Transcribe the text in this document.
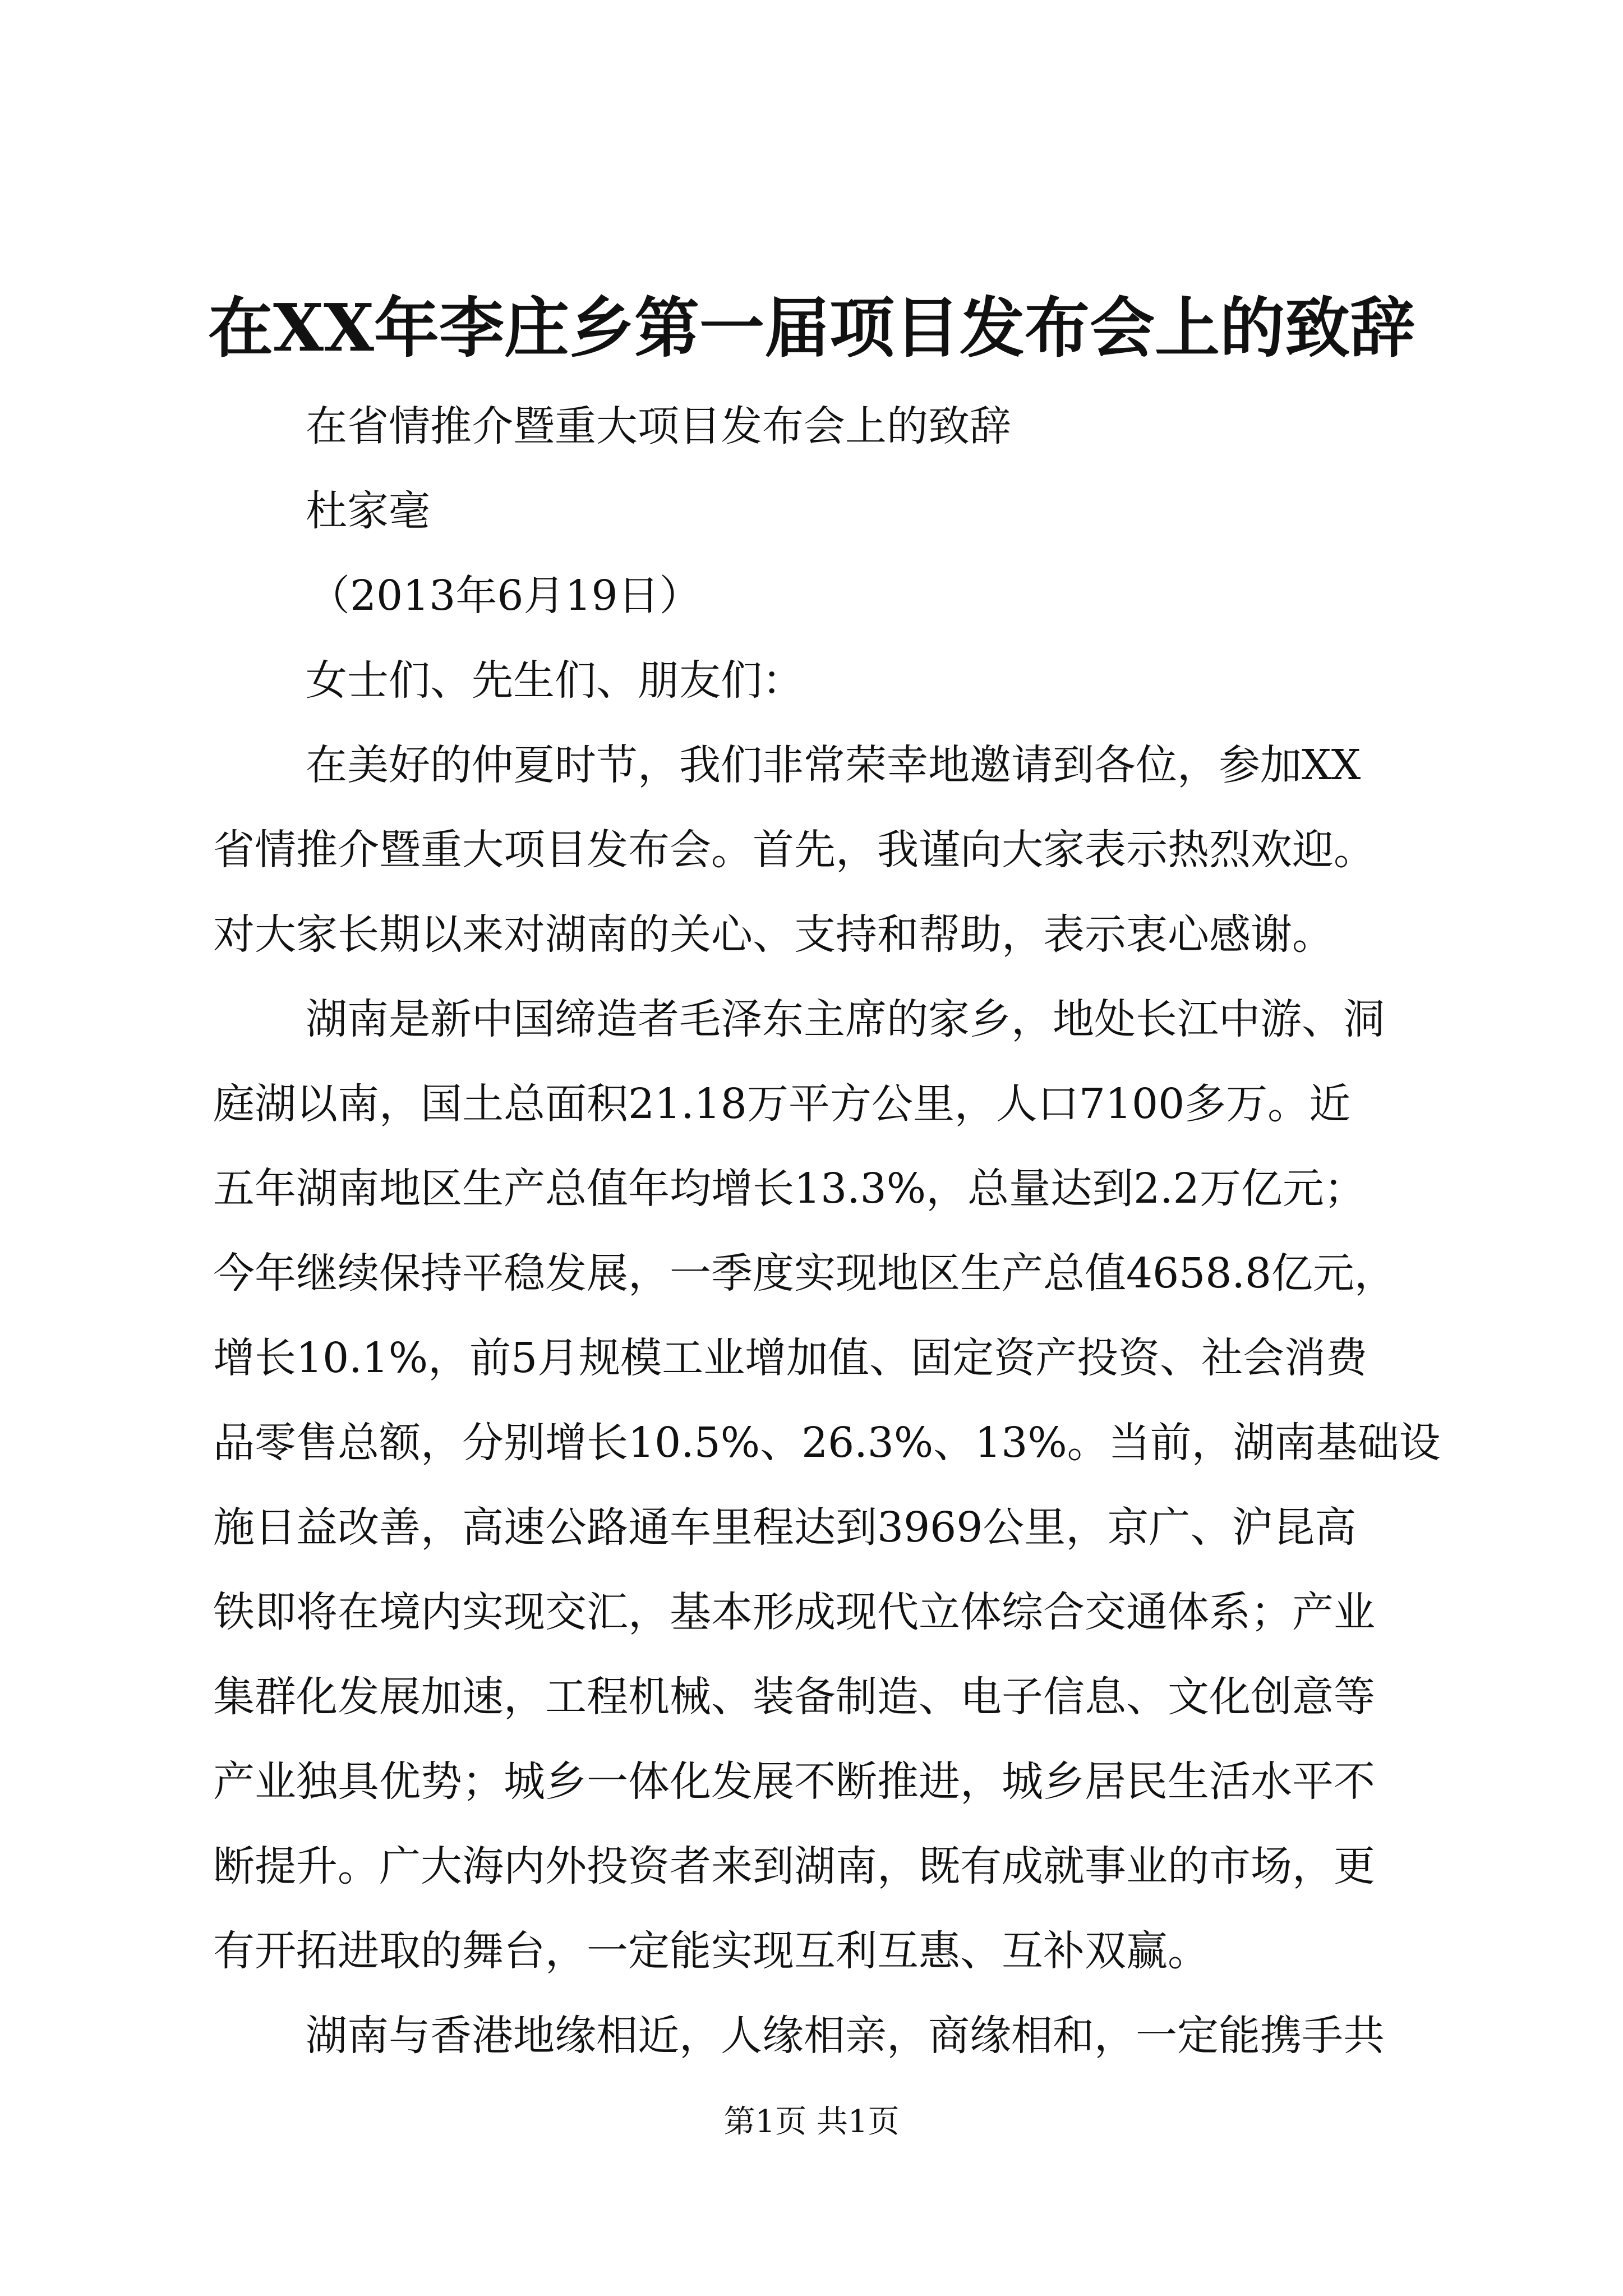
在XX年李庄乡第一届项目发布会上的致辞
在省情推介暨重大项目发布会上的致辞
杜家毫
（2013年6月19日）
女士们、先生们、朋友们：
在美好的仲夏时节，我们非常荣幸地邀请到各位，参加XX
省情推介暨重大项目发布会。首先，我谨向大家表示热烈欢迎。
对大家长期以来对湖南的关心、支持和帮助，表示衷心感谢。
湖南是新中国缔造者毛泽东主席的家乡，地处长江中游、洞
庭湖以南，国土总面积21.18万平方公里，人口7100多万。近
五年湖南地区生产总值年均增长13.3%，总量达到2.2万亿元；
今年继续保持平稳发展，一季度实现地区生产总值4658.8亿元，
增长10.1%，前5月规模工业增加值、固定资产投资、社会消费
品零售总额，分别增长10.5%、26.3%、13%。当前，湖南基础设
施日益改善，高速公路通车里程达到3969公里，京广、沪昆高
铁即将在境内实现交汇，基本形成现代立体综合交通体系；产业
集群化发展加速，工程机械、装备制造、电子信息、文化创意等
产业独具优势；城乡一体化发展不断推进，城乡居民生活水平不
断提升。广大海内外投资者来到湖南，既有成就事业的市场，更
有开拓进取的舞台，一定能实现互利互惠、互补双赢。
湖南与香港地缘相近，人缘相亲，商缘相和，一定能携手共
第1页 共1页
